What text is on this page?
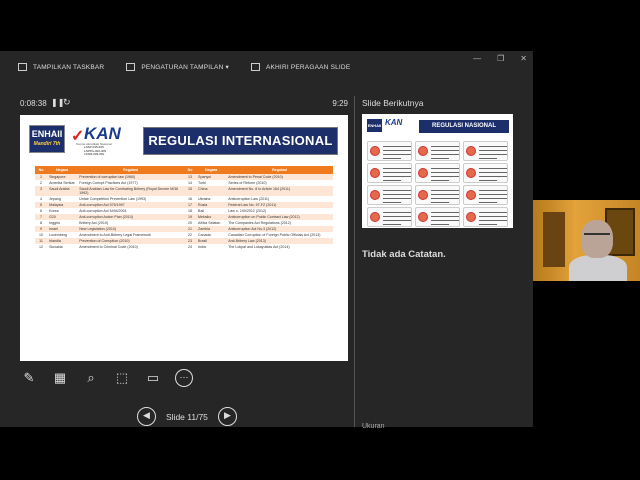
— ❐ ✕
TAMPILKAN TASKBAR	PENGATURAN TAMPILAN ▾	AKHIRI PERAGAAN SLIDE
0:08:38 ❚❚
↻	9:29
ENHAII
Mandiri 7th ✓ KAN
Komite Akreditasi Nasional
LSSP-015-IDN
LSPPG-002-IDN
LSSM-003-IDN
REGULASI INTERNASIONAL
No	Negara	Regulasi	No	Negara	Regulasi
1	Singapore	Prevention of corruption law (1960)	13	Spanyol	Amendment to Penal Code (2010)
2	Amerika Serikat	Foreign Corrupt Practices Act (1977)	14	Turki	Series of Reform (2010)
3	Saudi Arabia	Saudi Arabian Law for Combating Bribery (Royal Decree M/36 1992)	15	China	Amendment No. 8 to Article 164 (2011)
4	Jepang	Unfair Competition Prevention Law (1993)	16	Ukraina	Anticorruption Law (2011)
5	Malaysia	Anti-corruption Act 575/1997	17	Rusia	Federal Law No. 97-FZ (2011)
6	Korea	Anti-corruption Act 6494/2001	18	Bali	Law n. 190/2012 (2012)
7	G20	Anti-corruption Action Plan (2010)	19	Meksiko	Anticorruption on Public Contract Law (2012)
8	Inggris	Bribery Act (2010)	20	Afrika Selatan	The Companies Act Regulations (2012)
9	Israel	New Legislation (2010)	21	Zambia	Anticorruption Act No.3 (2012)
10	Luxemberg	Amendment to Anti-Bribery Legal Framework	22	Canada	Canadian Corruption of Foreign Public Officials Act (2013)
11	Irlandia	Prevention of Corruption (2010)	23	Brazil	Anti-Bribery Law (2013)
12	Slovakia	Amendment to Criminal Code (2010)	24	India	The Lokpal and Lokayuktas Act (2014)
✎ ▦	⌕	⬚ ▭	⋯
◀	Slide 11/75	▶
Slide Berikutnya
ENHAII KAN	REGULASI NASIONAL
Tidak ada Catatan.
Ukuran
